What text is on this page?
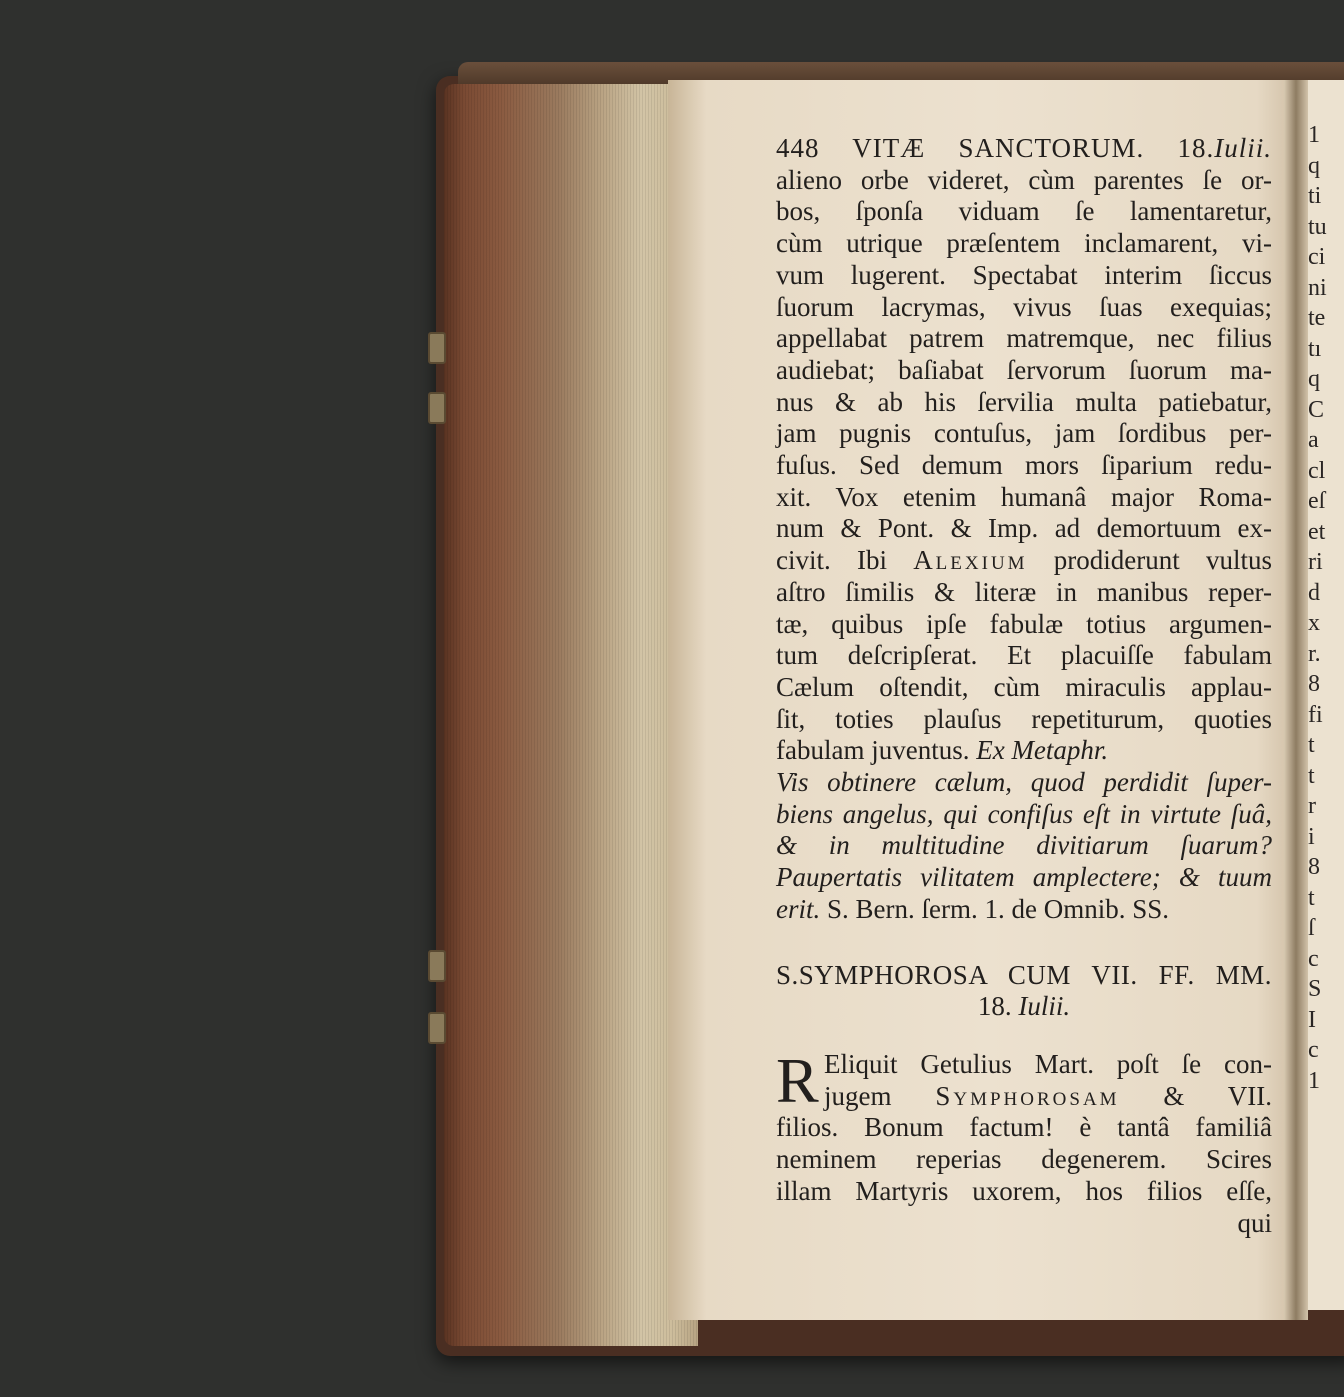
1
q
ti
tu
ci
ni
te
tı
q
C
a
cl
eſ
et
ri
d
x
r.
8
fi
t
t
r
i
8
t
ſ
c
S
I
c
1
448 VITÆ SANCTORUM. 18.Iulii.
alieno orbe videret, cùm parentes ſe or-
bos, ſponſa viduam ſe lamentaretur,
cùm utrique præſentem inclamarent, vi-
vum lugerent. Spectabat interim ſiccus
ſuorum lacrymas, vivus ſuas exequias;
appellabat patrem matremque, nec filius
audiebat; baſiabat ſervorum ſuorum ma-
nus & ab his ſervilia multa patiebatur,
jam pugnis contuſus, jam ſordibus per-
fuſus. Sed demum mors ſiparium redu-
xit. Vox etenim humanâ major Roma-
num & Pont. & Imp. ad demortuum ex-
civit. Ibi Alexium prodiderunt vultus
aſtro ſimilis & literæ in manibus reper-
tæ, quibus ipſe fabulæ totius argumen-
tum deſcripſerat. Et placuiſſe fabulam
Cælum oſtendit, cùm miraculis applau-
ſit, toties plauſus repetiturum, quoties
fabulam juventus. Ex Metaphr.
Vis obtinere cælum, quod perdidit ſuper-
biens angelus, qui confiſus eſt in virtute ſuâ,
& in multitudine divitiarum ſuarum?
Paupertatis vilitatem amplectere; & tuum
erit. S. Bern. ſerm. 1. de Omnib. SS.
S.SYMPHOROSA CUM VII. FF. MM.
18. Iulii.
R Eliquit Getulius Mart. poſt ſe con-
jugem Symphorosam & VII.
filios. Bonum factum! è tantâ familiâ
neminem reperias degenerem. Scires
illam Martyris uxorem, hos filios eſſe,
qui
